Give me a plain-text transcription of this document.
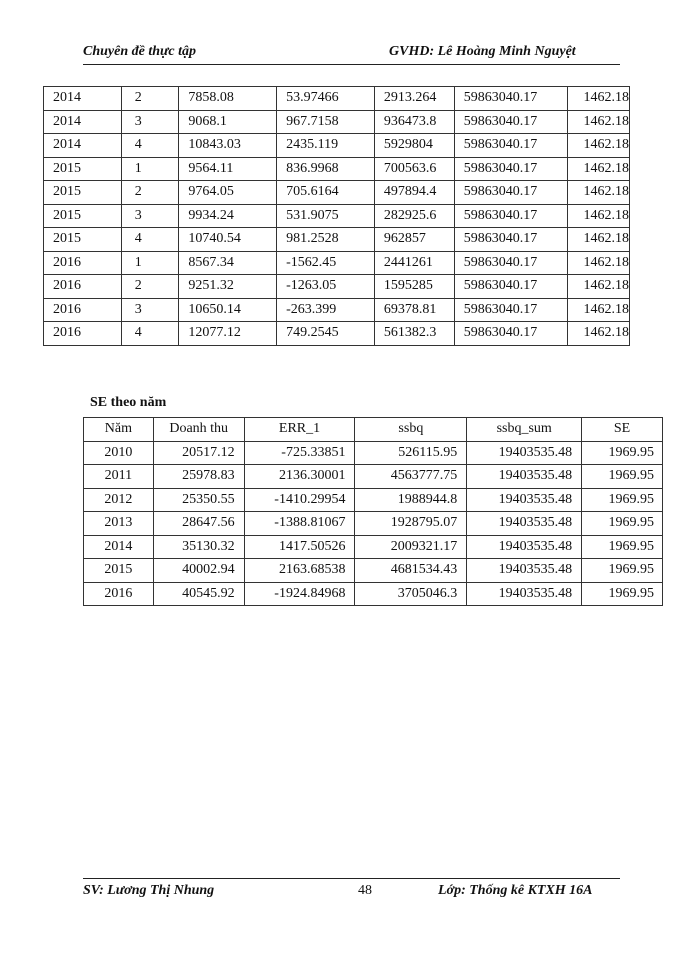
Chuyên đề thực tập	GVHD: Lê Hoàng Minh Nguyệt
2014	2	7858.08	53.97466	2913.264	59863040.17	1462.18
2014	3	9068.1	967.7158	936473.8	59863040.17	1462.18
2014	4	10843.03	2435.119	5929804	59863040.17	1462.18
2015	1	9564.11	836.9968	700563.6	59863040.17	1462.18
2015	2	9764.05	705.6164	497894.4	59863040.17	1462.18
2015	3	9934.24	531.9075	282925.6	59863040.17	1462.18
2015	4	10740.54	981.2528	962857	59863040.17	1462.18
2016	1	8567.34	-1562.45	2441261	59863040.17	1462.18
2016	2	9251.32	-1263.05	1595285	59863040.17	1462.18
2016	3	10650.14	-263.399	69378.81	59863040.17	1462.18
2016	4	12077.12	749.2545	561382.3	59863040.17	1462.18
SE theo năm
Năm	Doanh thu	ERR_1	ssbq	ssbq_sum	SE
2010	20517.12	-725.33851	526115.95	19403535.48	1969.95
2011	25978.83	2136.30001	4563777.75	19403535.48	1969.95
2012	25350.55	-1410.29954	1988944.8	19403535.48	1969.95
2013	28647.56	-1388.81067	1928795.07	19403535.48	1969.95
2014	35130.32	1417.50526	2009321.17	19403535.48	1969.95
2015	40002.94	2163.68538	4681534.43	19403535.48	1969.95
2016	40545.92	-1924.84968	3705046.3	19403535.48	1969.95
SV: Lương Thị Nhung	48	Lớp: Thống kê KTXH 16A
